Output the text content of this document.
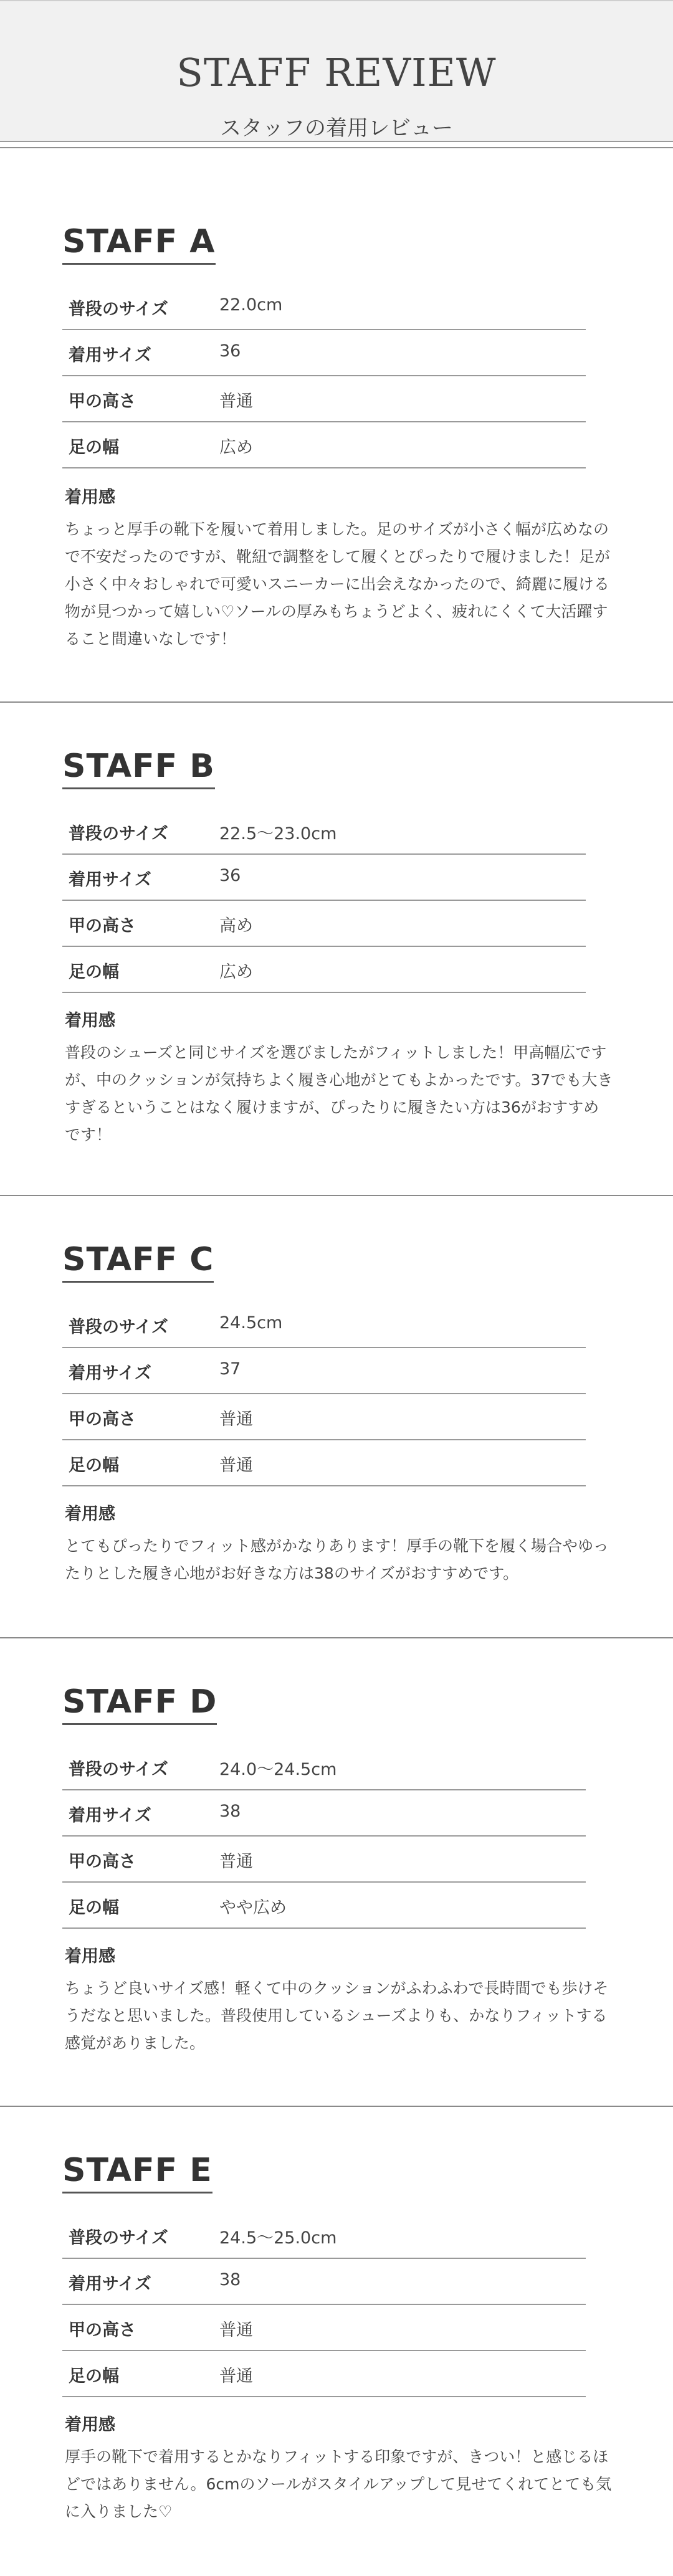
STAFF REVIEW
スタッフの着用レビュー
STAFF A
普段のサイズ	22.0cm
着用サイズ	36
甲の高さ	普通
足の幅	広め
着用感
ちょっと厚手の靴下を履いて着用しました。足のサイズが小さく幅が広めなので不安だったのですが、靴紐で調整をして履くとぴったりで履けました！足が小さく中々おしゃれで可愛いスニーカーに出会えなかったので、綺麗に履ける物が見つかって嬉しい♡ソールの厚みもちょうどよく、疲れにくくて大活躍すること間違いなしです！
STAFF B
普段のサイズ	22.5〜23.0cm
着用サイズ	36
甲の高さ	高め
足の幅	広め
着用感
普段のシューズと同じサイズを選びましたがフィットしました！甲高幅広ですが、中のクッションが気持ちよく履き心地がとてもよかったです。37でも大きすぎるということはなく履けますが、ぴったりに履きたい方は36がおすすめです！
STAFF C
普段のサイズ	24.5cm
着用サイズ	37
甲の高さ	普通
足の幅	普通
着用感
とてもぴったりでフィット感がかなりあります！厚手の靴下を履く場合やゆったりとした履き心地がお好きな方は38のサイズがおすすめです。
STAFF D
普段のサイズ	24.0〜24.5cm
着用サイズ	38
甲の高さ	普通
足の幅	やや広め
着用感
ちょうど良いサイズ感！軽くて中のクッションがふわふわで長時間でも歩けそうだなと思いました。普段使用しているシューズよりも、かなりフィットする感覚がありました。
STAFF E
普段のサイズ	24.5〜25.0cm
着用サイズ	38
甲の高さ	普通
足の幅	普通
着用感
厚手の靴下で着用するとかなりフィットする印象ですが、きつい！と感じるほどではありません。6cmのソールがスタイルアップして見せてくれてとても気に入りました♡
